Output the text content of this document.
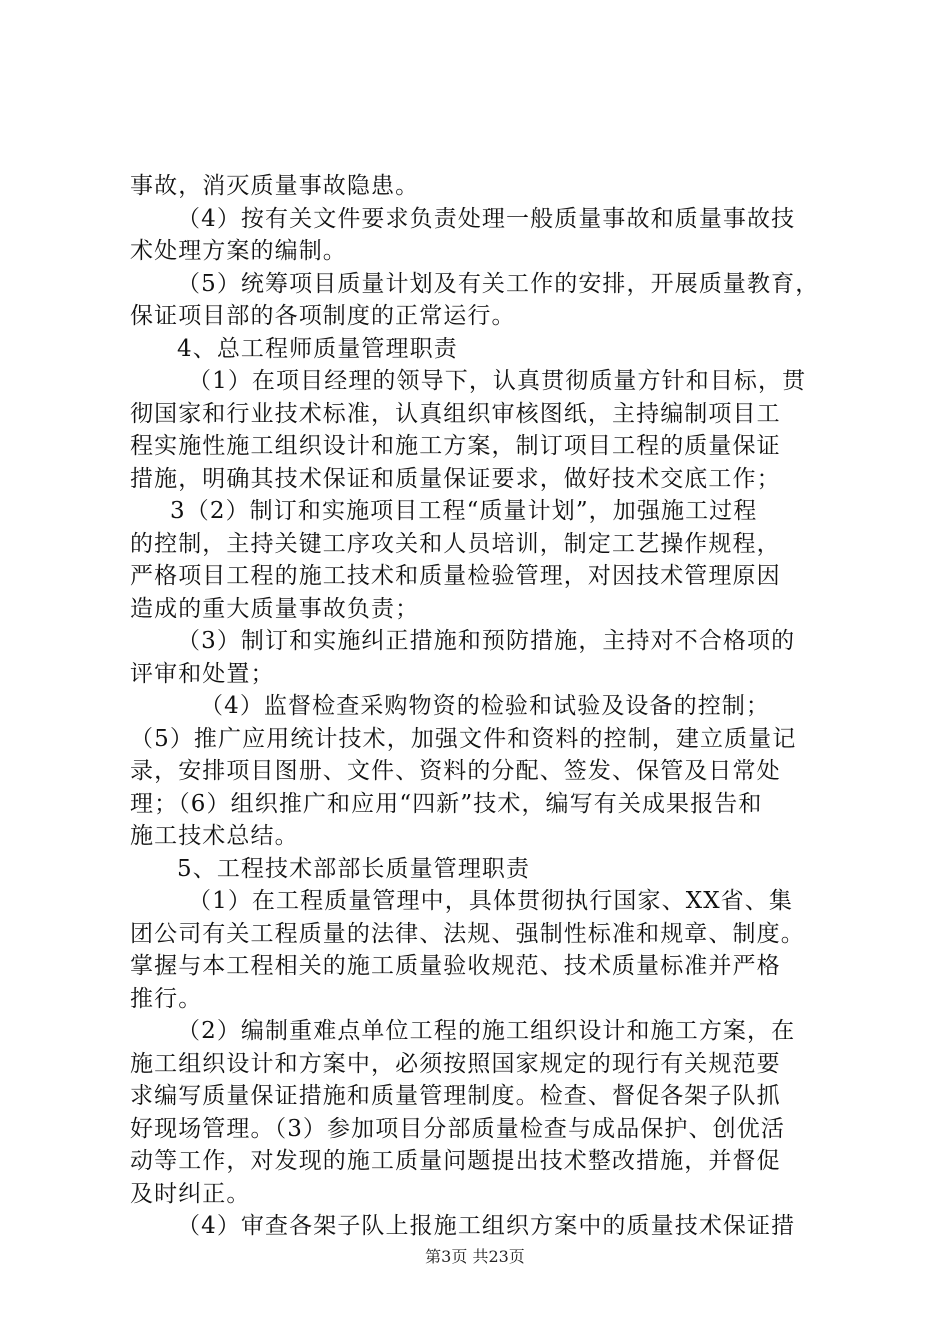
事故，消灭质量事故隐患。
（4）按有关文件要求负责处理一般质量事故和质量事故技
术处理方案的编制。
（5）统筹项目质量计划及有关工作的安排，开展质量教育，
保证项目部的各项制度的正常运行。
4、总工程师质量管理职责
（1）在项目经理的领导下，认真贯彻质量方针和目标，贯
彻国家和行业技术标准，认真组织审核图纸，主持编制项目工
程实施性施工组织设计和施工方案，制订项目工程的质量保证
措施，明确其技术保证和质量保证要求，做好技术交底工作；
3（2）制订和实施项目工程“质量计划”，加强施工过程
的控制，主持关键工序攻关和人员培训，制定工艺操作规程，
严格项目工程的施工技术和质量检验管理，对因技术管理原因
造成的重大质量事故负责；
（3）制订和实施纠正措施和预防措施，主持对不合格项的
评审和处置；
（4）监督检查采购物资的检验和试验及设备的控制；
（5）推广应用统计技术，加强文件和资料的控制，建立质量记
录，安排项目图册、文件、资料的分配、签发、保管及日常处
理；（6）组织推广和应用“四新”技术，编写有关成果报告和
施工技术总结。
5、工程技术部部长质量管理职责
（1）在工程质量管理中，具体贯彻执行国家、XX省、集
团公司有关工程质量的法律、法规、强制性标准和规章、制度。
掌握与本工程相关的施工质量验收规范、技术质量标准并严格
推行。
（2）编制重难点单位工程的施工组织设计和施工方案，在
施工组织设计和方案中，必须按照国家规定的现行有关规范要
求编写质量保证措施和质量管理制度。检查、督促各架子队抓
好现场管理。（3）参加项目分部质量检查与成品保护、创优活
动等工作，对发现的施工质量问题提出技术整改措施，并督促
及时纠正。
（4）审查各架子队上报施工组织方案中的质量技术保证措
第3页 共23页
